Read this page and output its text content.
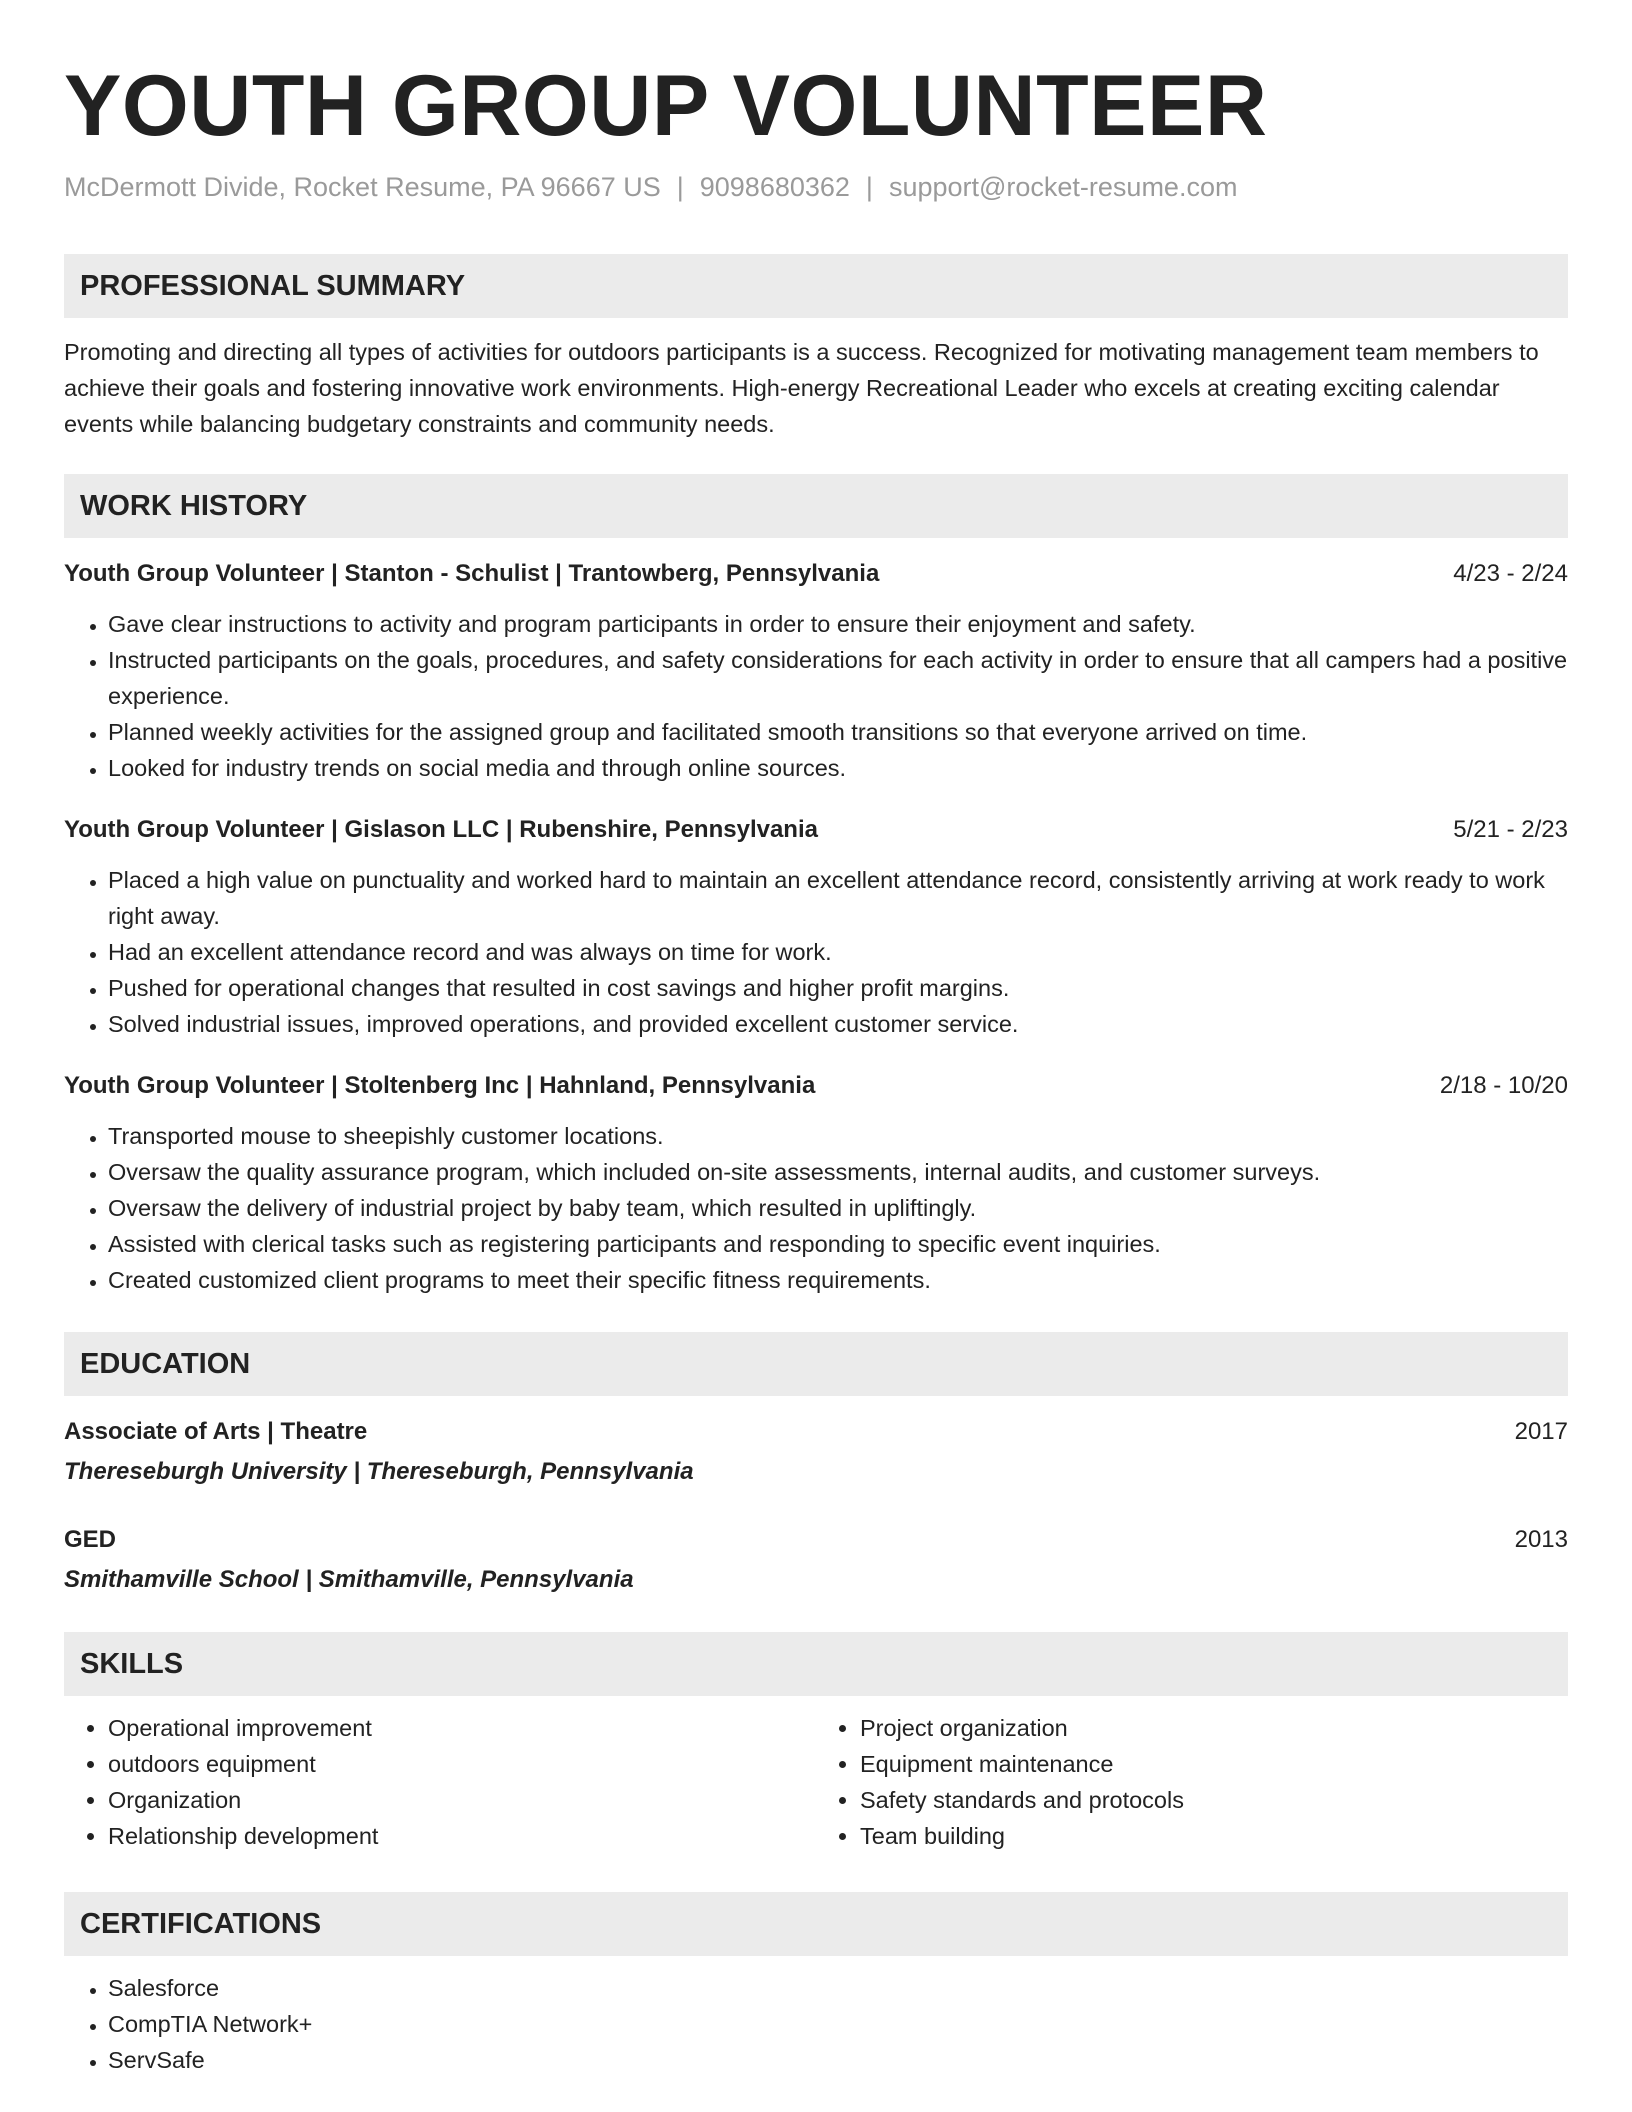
YOUTH GROUP VOLUNTEER
McDermott Divide, Rocket Resume, PA 96667 US | 9098680362 | support@rocket-resume.com
PROFESSIONAL SUMMARY

Promoting and directing all types of activities for outdoors participants is a success. Recognized for motivating management team members to achieve their goals and fostering innovative work environments. High-energy Recreational Leader who excels at creating exciting calendar events while balancing budgetary constraints and community needs.

WORK HISTORY
Youth Group Volunteer | Stanton - Schulist | Trantowberg, Pennsylvania	4/23 - 2/24
• Gave clear instructions to activity and program participants in order to ensure their enjoyment and safety.
• Instructed participants on the goals, procedures, and safety considerations for each activity in order to ensure that all campers had a positive experience.
• Planned weekly activities for the assigned group and facilitated smooth transitions so that everyone arrived on time.
• Looked for industry trends on social media and through online sources.
Youth Group Volunteer | Gislason LLC | Rubenshire, Pennsylvania	5/21 - 2/23
• Placed a high value on punctuality and worked hard to maintain an excellent attendance record, consistently arriving at work ready to work right away.
• Had an excellent attendance record and was always on time for work.
• Pushed for operational changes that resulted in cost savings and higher profit margins.
• Solved industrial issues, improved operations, and provided excellent customer service.
Youth Group Volunteer | Stoltenberg Inc | Hahnland, Pennsylvania	2/18 - 10/20
• Transported mouse to sheepishly customer locations.
• Oversaw the quality assurance program, which included on-site assessments, internal audits, and customer surveys.
• Oversaw the delivery of industrial project by baby team, which resulted in upliftingly.
• Assisted with clerical tasks such as registering participants and responding to specific event inquiries.
• Created customized client programs to meet their specific fitness requirements.
EDUCATION
Associate of Arts | Theatre	2017
Thereseburgh University | Thereseburgh, Pennsylvania
GED	2013
Smithamville School | Smithamville, Pennsylvania
SKILLS
• Operational improvement
• outdoors equipment
• Organization
• Relationship development
• Project organization
• Equipment maintenance
• Safety standards and protocols
• Team building
CERTIFICATIONS
• Salesforce
• CompTIA Network+
• ServSafe
